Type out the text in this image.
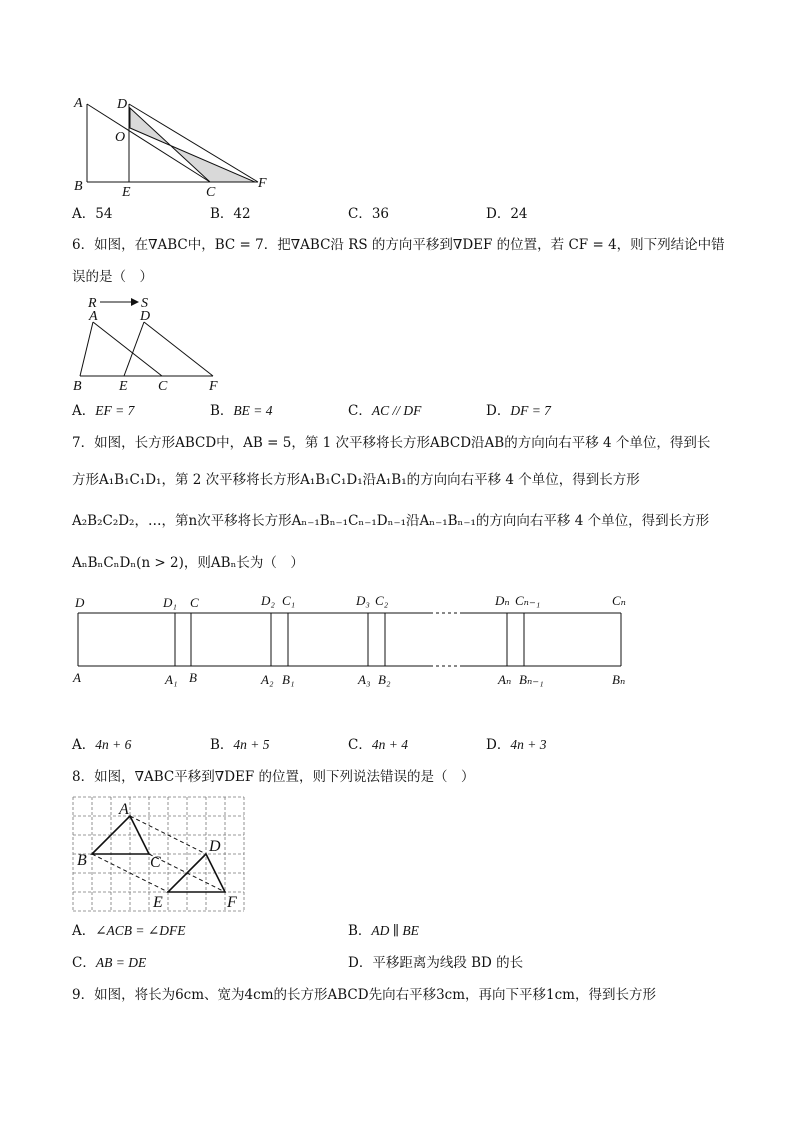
A D
O
B	E	C
F
A．54	B．42	C．36	D．24
6．如图，在∇ABC中，BC = 7．把∇ABC沿 RS 的方向平移到∇DEF 的位置，若 CF = 4，则下列结论中错
误的是（　）
R	S
A	D
B	E C	F
A．EF = 7	B．BE = 4	C．AC // DF	D．DF = 7
7．如图，长方形ABCD中，AB = 5，第 1 次平移将长方形ABCD沿AB的方向向右平移 4 个单位，得到长
方形A₁B₁C₁D₁，第 2 次平移将长方形A₁B₁C₁D₁沿A₁B₁的方向向右平移 4 个单位，得到长方形
A₂B₂C₂D₂，…，第n次平移将长方形Aₙ₋₁Bₙ₋₁Cₙ₋₁Dₙ₋₁沿Aₙ₋₁Bₙ₋₁的方向向右平移 4 个单位，得到长方形
AₙBₙCₙDₙ(n > 2)，则ABₙ长为（　）
D	D₁ C	D₂ C₁	D₃ C₂	Dₙ Cₙ₋₁	Cₙ
A	A₁ B	A₂ B₁	A₃ B₂	Aₙ Bₙ₋₁	Bₙ
A．4n + 6	B．4n + 5	C．4n + 4	D．4n + 3
8．如图，∇ABC平移到∇DEF 的位置，则下列说法错误的是（　）
A
B	C
D
E	F
A．∠ACB = ∠DFE	B．AD ∥ BE
C．AB = DE	D．平移距离为线段 BD 的长
9．如图，将长为6cm、宽为4cm的长方形ABCD先向右平移3cm，再向下平移1cm，得到长方形
